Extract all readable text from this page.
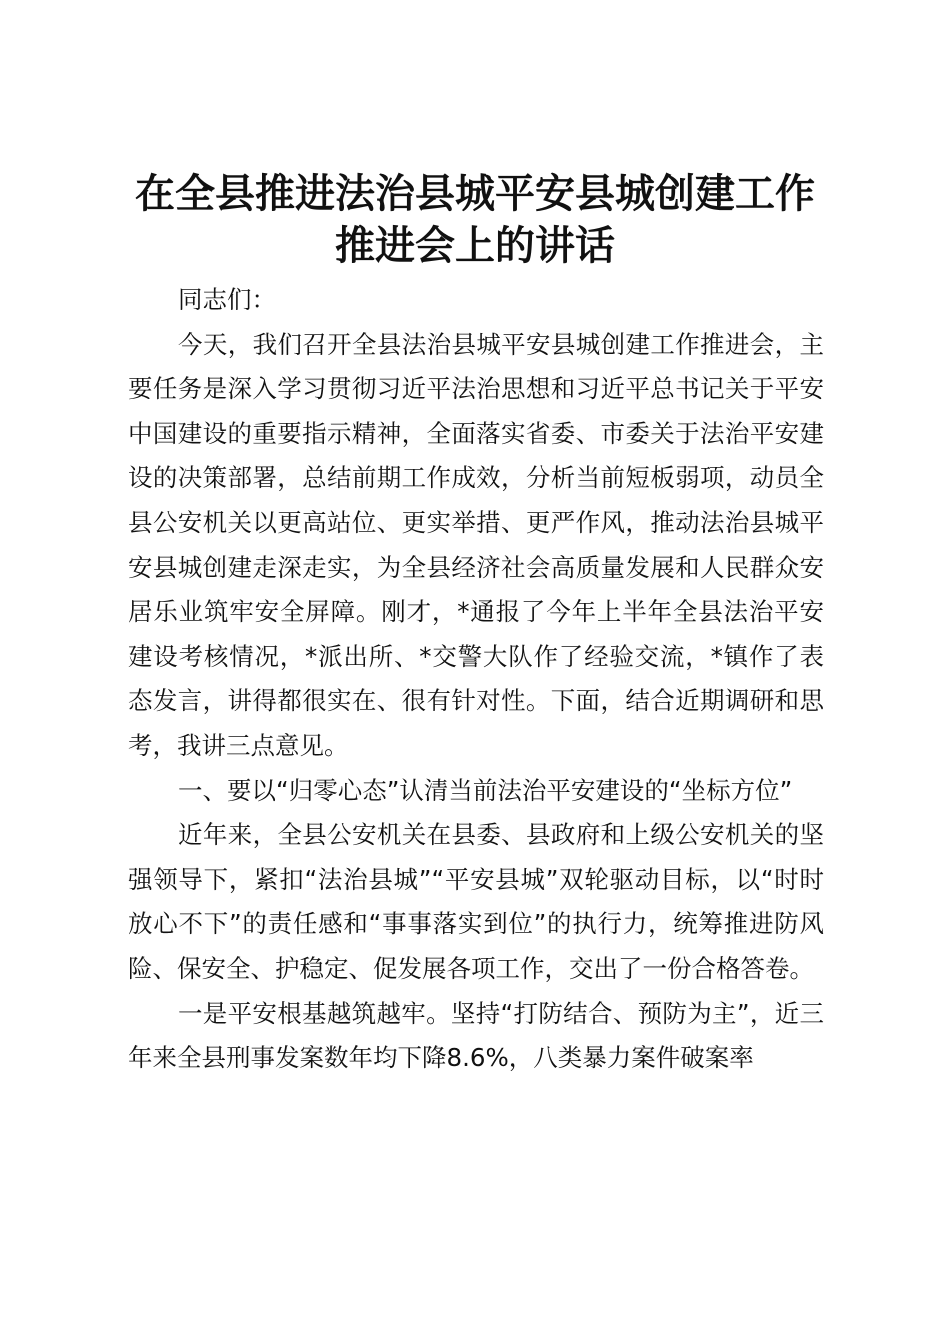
在全县推进法治县城平安县城创建工作
推进会上的讲话

同志们：

今天，我们召开全县法治县城平安县城创建工作推进会，主要任务是深入学习贯彻习近平法治思想和习近平总书记关于平安中国建设的重要指示精神，全面落实省委、市委关于法治平安建设的决策部署，总结前期工作成效，分析当前短板弱项，动员全县公安机关以更高站位、更实举措、更严作风，推动法治县城平安县城创建走深走实，为全县经济社会高质量发展和人民群众安居乐业筑牢安全屏障。刚才，*通报了今年上半年全县法治平安建设考核情况，*派出所、*交警大队作了经验交流，*镇作了表态发言，讲得都很实在、很有针对性。下面，结合近期调研和思考，我讲三点意见。

一、要以“归零心态”认清当前法治平安建设的“坐标方位”

近年来，全县公安机关在县委、县政府和上级公安机关的坚强领导下，紧扣“法治县城”“平安县城”双轮驱动目标，以“时时放心不下”的责任感和“事事落实到位”的执行力，统筹推进防风险、保安全、护稳定、促发展各项工作，交出了一份合格答卷。

一是平安根基越筑越牢。坚持“打防结合、预防为主”，近三年来全县刑事发案数年均下降8.6%，八类暴力案件破案率
